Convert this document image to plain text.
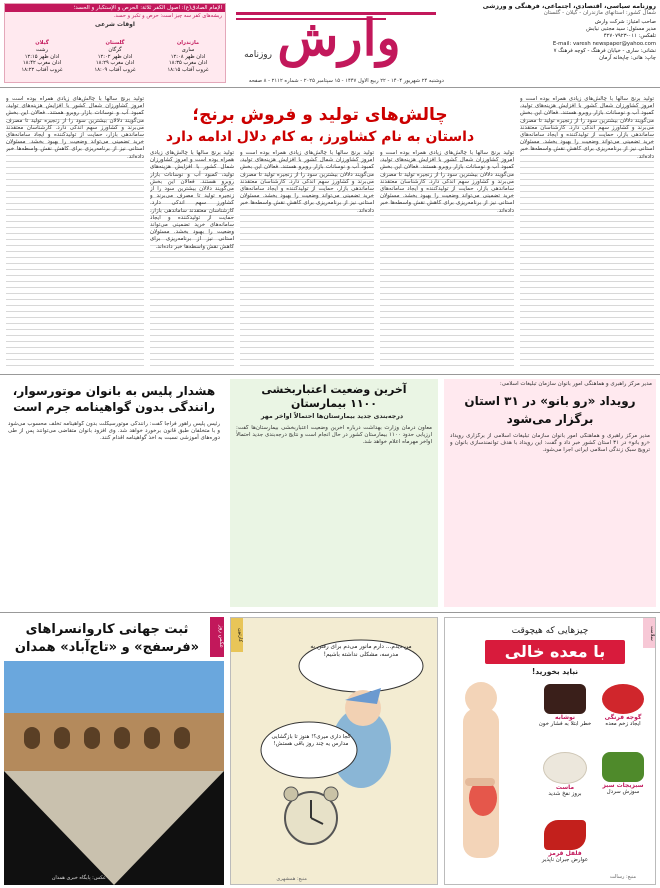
روزنامه سیاسی، اقتصادی، اجتماعی، فرهنگی و ورزشی
شمال کشور: استانهای مازندران - گیلان - گلستان
صاحب امتیاز: شرکت وارش
مدیر مسئول: سید مجتبی نیایش
تلفکس: ۰۱۱-۴۲۷۰۷۹۲۳
E-mail: varesh newspaper@yahoo.com
نشانی: ساری - خیابان فرهنگ - کوچه فرهنگ ۷
چاپ: هانی: چاپخانه آرمان
وارش
روزنامه
الإمام الصادق(ع): اصول الکفر ثلاثة: الحرص و الإستکبار و الحسد؛
ریشه‌های کفر سه چیز است: حرص و تکبر و حسد.
اوقات شرعی
مازندران
ساری
اذان ظهر ۱۲:۰۸
اذان مغرب ۱۸:۳۵
غروب آفتاب ۱۸:۱۵
گلستان
گرگان
اذان ظهر ۱۲:۰۲
اذان مغرب ۱۸:۲۹
غروب آفتاب ۱۸:۰۹
گیلان
رشت
اذان ظهر ۱۲:۱۵
اذان مغرب ۱۸:۴۲
غروب آفتاب ۱۸:۲۲
دوشنبه ۲۴ شهریور ۱۴۰۴ - ۲۲ ربیع الاول ۱۴۴۷ - ۱۵ سپتامبر ۲۰۲۵ - شماره ۲۱۱۲ - ۸ صفحه
چالش‌های تولید و فروش برنج؛
داستان به نام کشاورز، به کام دلال ادامه دارد
تولید برنج سالها با چالش‌های زیادی همراه بوده است و امروز کشاورزان شمال کشور با افزایش هزینه‌های تولید، کمبود آب و نوسانات بازار روبرو هستند. فعالان این بخش می‌گویند دلالان بیشترین سود را از زنجیره تولید تا مصرف می‌برند و کشاورز سهم اندکی دارد. کارشناسان معتقدند ساماندهی بازار، حمایت از تولیدکننده و ایجاد سامانه‌های خرید تضمینی می‌تواند وضعیت را بهبود بخشد. مسئولان استانی نیز از برنامه‌ریزی برای کاهش نقش واسطه‌ها خبر داده‌اند.
تولید برنج سالها با چالش‌های زیادی همراه بوده است و امروز کشاورزان شمال کشور با افزایش هزینه‌های تولید، کمبود آب و نوسانات بازار روبرو هستند. فعالان این بخش می‌گویند دلالان بیشترین سود را از زنجیره تولید تا مصرف می‌برند و کشاورز سهم اندکی دارد. کارشناسان معتقدند ساماندهی بازار، حمایت از تولیدکننده و ایجاد سامانه‌های خرید تضمینی می‌تواند وضعیت را بهبود بخشد. مسئولان استانی نیز از برنامه‌ریزی برای کاهش نقش واسطه‌ها خبر داده‌اند.
تولید برنج سالها با چالش‌های زیادی همراه بوده است و امروز کشاورزان شمال کشور با افزایش هزینه‌های تولید، کمبود آب و نوسانات بازار روبرو هستند. فعالان این بخش می‌گویند دلالان بیشترین سود را از زنجیره تولید تا مصرف می‌برند و کشاورز سهم اندکی دارد. کارشناسان معتقدند ساماندهی بازار، حمایت از تولیدکننده و ایجاد سامانه‌های خرید تضمینی می‌تواند وضعیت را بهبود بخشد. مسئولان استانی نیز از برنامه‌ریزی برای کاهش نقش واسطه‌ها خبر داده‌اند.
تولید برنج سالها با چالش‌های زیادی همراه بوده است و امروز کشاورزان شمال کشور با افزایش هزینه‌های تولید، کمبود آب و نوسانات بازار روبرو هستند. فعالان این بخش می‌گویند دلالان بیشترین سود را از زنجیره تولید تا مصرف می‌برند و کشاورز سهم اندکی دارد. کارشناسان معتقدند ساماندهی بازار، حمایت از تولیدکننده و ایجاد سامانه‌های خرید تضمینی می‌تواند وضعیت را بهبود بخشد. مسئولان استانی نیز از برنامه‌ریزی برای کاهش نقش واسطه‌ها خبر داده‌اند.
تولید برنج سالها با چالش‌های زیادی همراه بوده است و امروز کشاورزان شمال کشور با افزایش هزینه‌های تولید، کمبود آب و نوسانات بازار روبرو هستند. فعالان این بخش می‌گویند دلالان بیشترین سود را از زنجیره تولید تا مصرف می‌برند و کشاورز سهم اندکی دارد. کارشناسان معتقدند ساماندهی بازار، حمایت از تولیدکننده و ایجاد سامانه‌های خرید تضمینی می‌تواند وضعیت را بهبود بخشد. مسئولان استانی نیز از برنامه‌ریزی برای کاهش نقش واسطه‌ها خبر داده‌اند.
مدیر مرکز راهبری و هماهنگی امور بانوان سازمان تبلیغات اسلامی:
رویداد «رو بانو» در ۳۱ استان
برگزار می‌شود
مدیر مرکز راهبری و هماهنگی امور بانوان سازمان تبلیغات اسلامی از برگزاری رویداد «رو بانو» در ۳۱ استان کشور خبر داد و گفت: این رویداد با هدف توانمندسازی بانوان و ترویج سبک زندگی اسلامی ایرانی اجرا می‌شود.
آخرین وضعیت اعتباربخشی
۱۱۰۰ بیمارستان
درجه‌بندی جدید بیمارستان‌ها احتمالاً اواخر مهر
معاون درمان وزارت بهداشت درباره آخرین وضعیت اعتباربخشی بیمارستان‌ها گفت: ارزیابی حدود ۱۱۰۰ بیمارستان کشور در حال انجام است و نتایج درجه‌بندی جدید احتمالاً اواخر مهرماه اعلام خواهد شد.
هشدار پلیس به بانوان موتورسوار،
رانندگی بدون گواهینامه جرم است
رئیس پلیس راهور فراجا گفت: رانندگی موتورسیکلت بدون گواهینامه تخلف محسوب می‌شود و با متخلفان طبق قانون برخورد خواهد شد. وی افزود بانوان متقاضی می‌توانند پس از طی دوره‌های آموزشی نسبت به اخذ گواهینامه اقدام کنند.
سلامت
چیزهایی که هیچوقت
با معده خالی
نباید بخورید!
گوجه فرنگی
ایجاد زخم معده
نوشابه
خطر ابتلا به فشار خون
سبزیجات سبز
سوزش سردل
ماست
بروز نفخ شدید
فلفل قرمز
عوارض جبران ناپذیر
منبع: رسالت
کارتون
من دیدم... دارم مانور می‌دم برای رفتن به مدرسه، مشکلی نداشته باشیم!
کجا داری میری؟! هنوز تا بازگشایی مدارس یه چند روز باقی هستش!
منبع: همشهری
عکس روز
ثبت جهانی کاروانسراهای
«فرسفج» و «تاج‌آباد» همدان
عکس: پایگاه خبری همدان
